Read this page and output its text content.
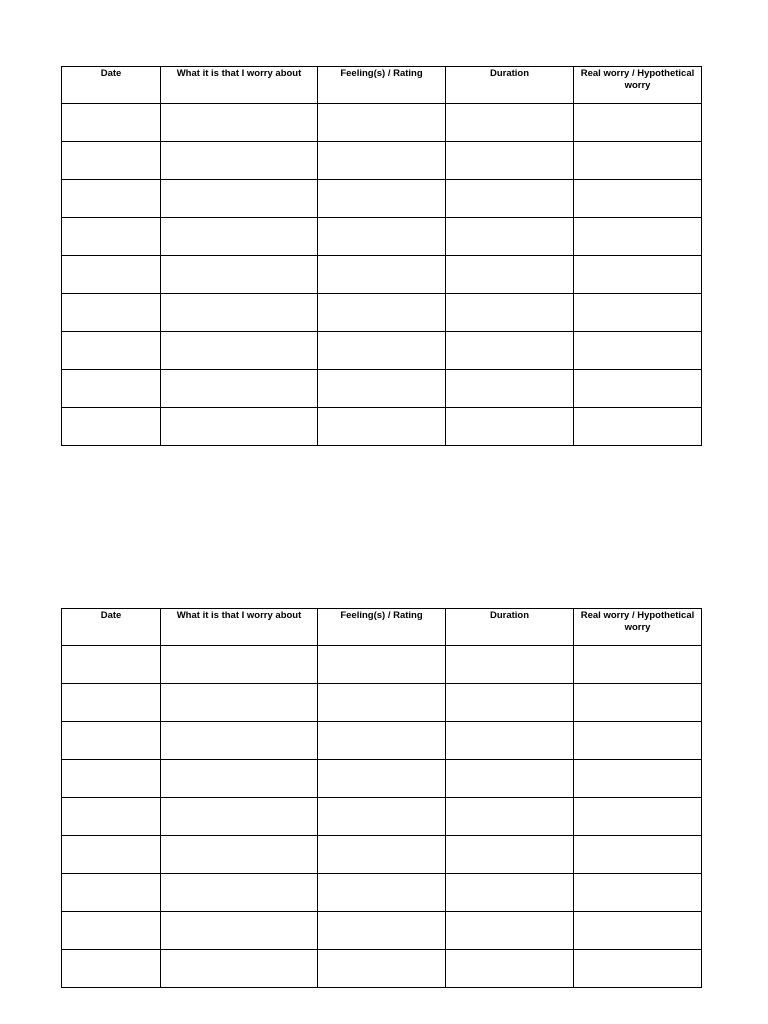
Date	What it is that I worry about	Feeling(s) / Rating	Duration	Real worry / Hypothetical worry

Date	What it is that I worry about	Feeling(s) / Rating	Duration	Real worry / Hypothetical worry
